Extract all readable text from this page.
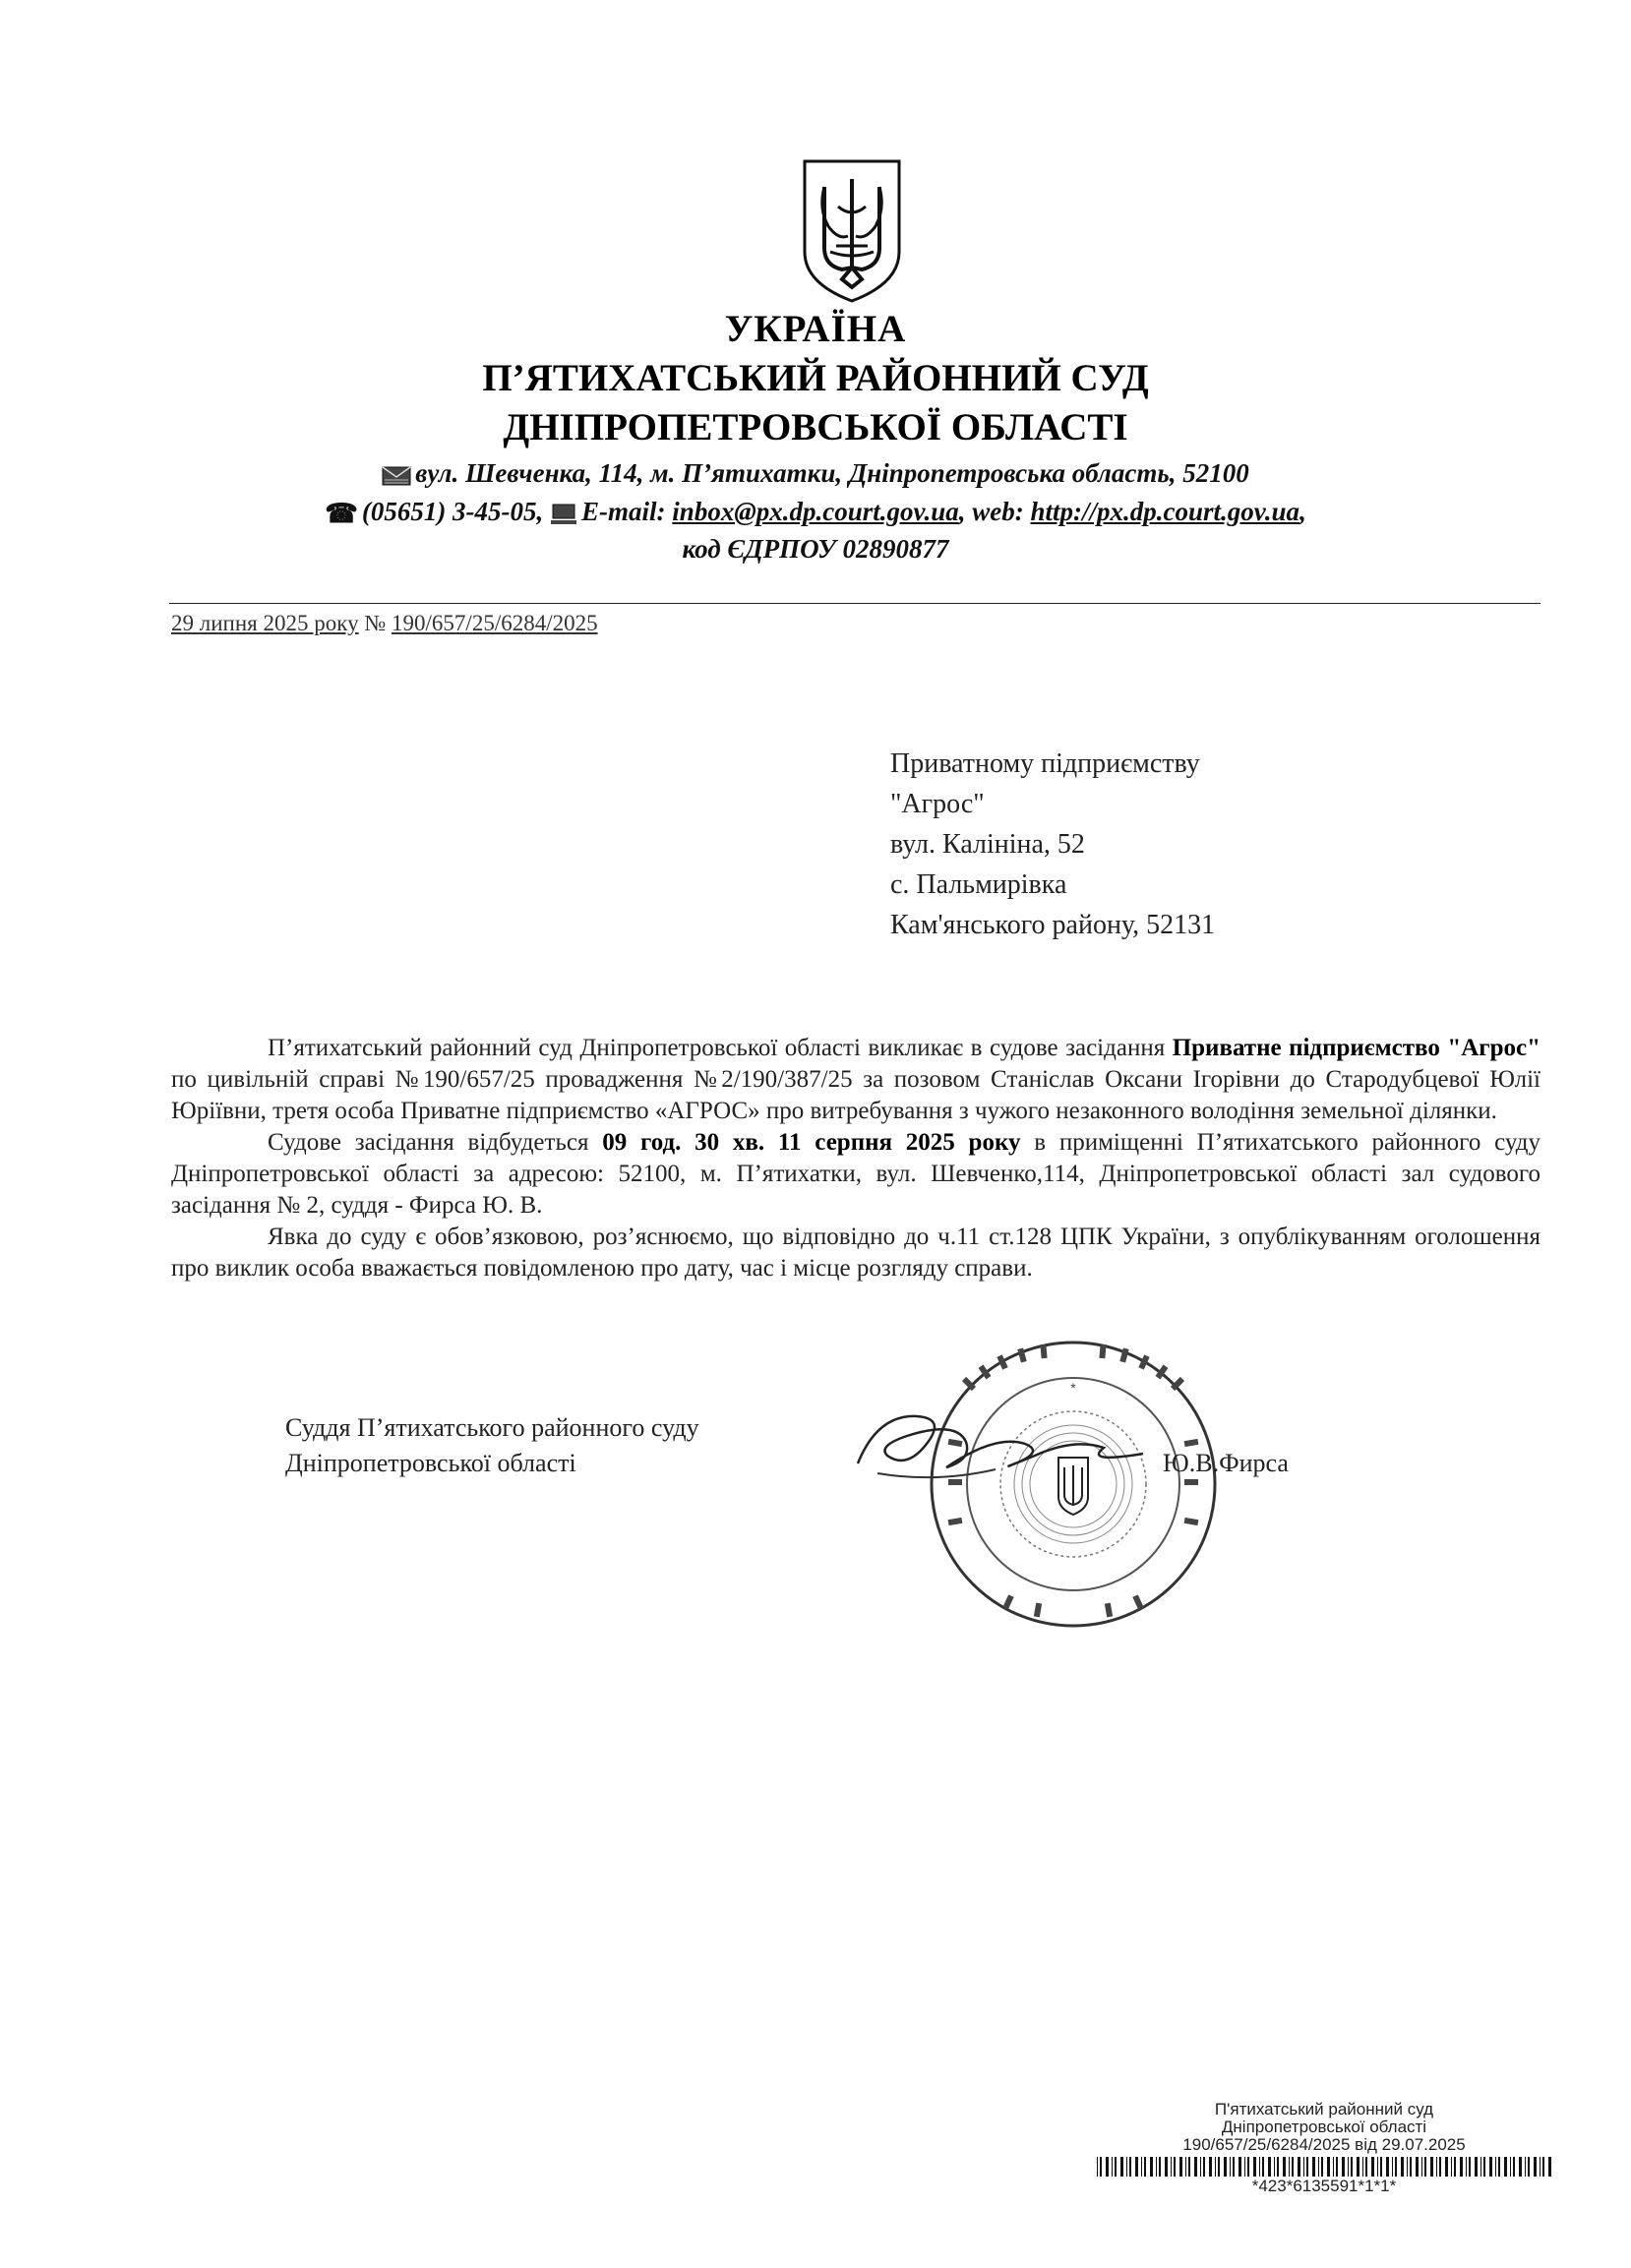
УКРАЇНА
П’ЯТИХАТСЬКИЙ РАЙОННИЙ СУД
ДНІПРОПЕТРОВСЬКОЇ ОБЛАСТІ
вул. Шевченка, 114, м. П’ятихатки, Дніпропетровська область, 52100
☎ (05651) 3-45-05, E-mail: inbox@px.dp.court.gov.ua, web: http://px.dp.court.gov.ua,
код ЄДРПОУ 02890877
29 липня 2025 року № 190/657/25/6284/2025
Приватному підприємству
"Агрос"
вул. Калініна, 52
с. Пальмирівка
Кам'янського району, 52131

П’ятихатський районний суд Дніпропетровської області викликає в судове засідання Приватне підприємство "Агрос" по цивільній справі №190/657/25 провадження №2/190/387/25 за позовом Станіслав Оксани Ігорівни до Стародубцевої Юлії Юріївни, третя особа Приватне підприємство «АГРОС» про витребування з чужого незаконного володіння земельної ділянки.

Судове засідання відбудеться 09 год. 30 хв. 11 серпня 2025 року в приміщенні П’ятихатського районного суду Дніпропетровської області за адресою: 52100, м. П’ятихатки, вул. Шевченко,114, Дніпропетровської області зал судового засідання № 2, суддя - Фирса Ю. В.

Явка до суду є обов’язковою, роз’яснюємо, що відповідно до ч.11 ст.128 ЦПК України, з опублікуванням оголошення про виклик особа вважається повідомленою про дату, час і місце розгляду справи.

Суддя П’ятихатського районного суду
Дніпропетровської області
*
Ю.В.Фирса
П'ятихатський районний суд
Дніпропетровської області
190/657/25/6284/2025 від 29.07.2025
*423*6135591*1*1*
